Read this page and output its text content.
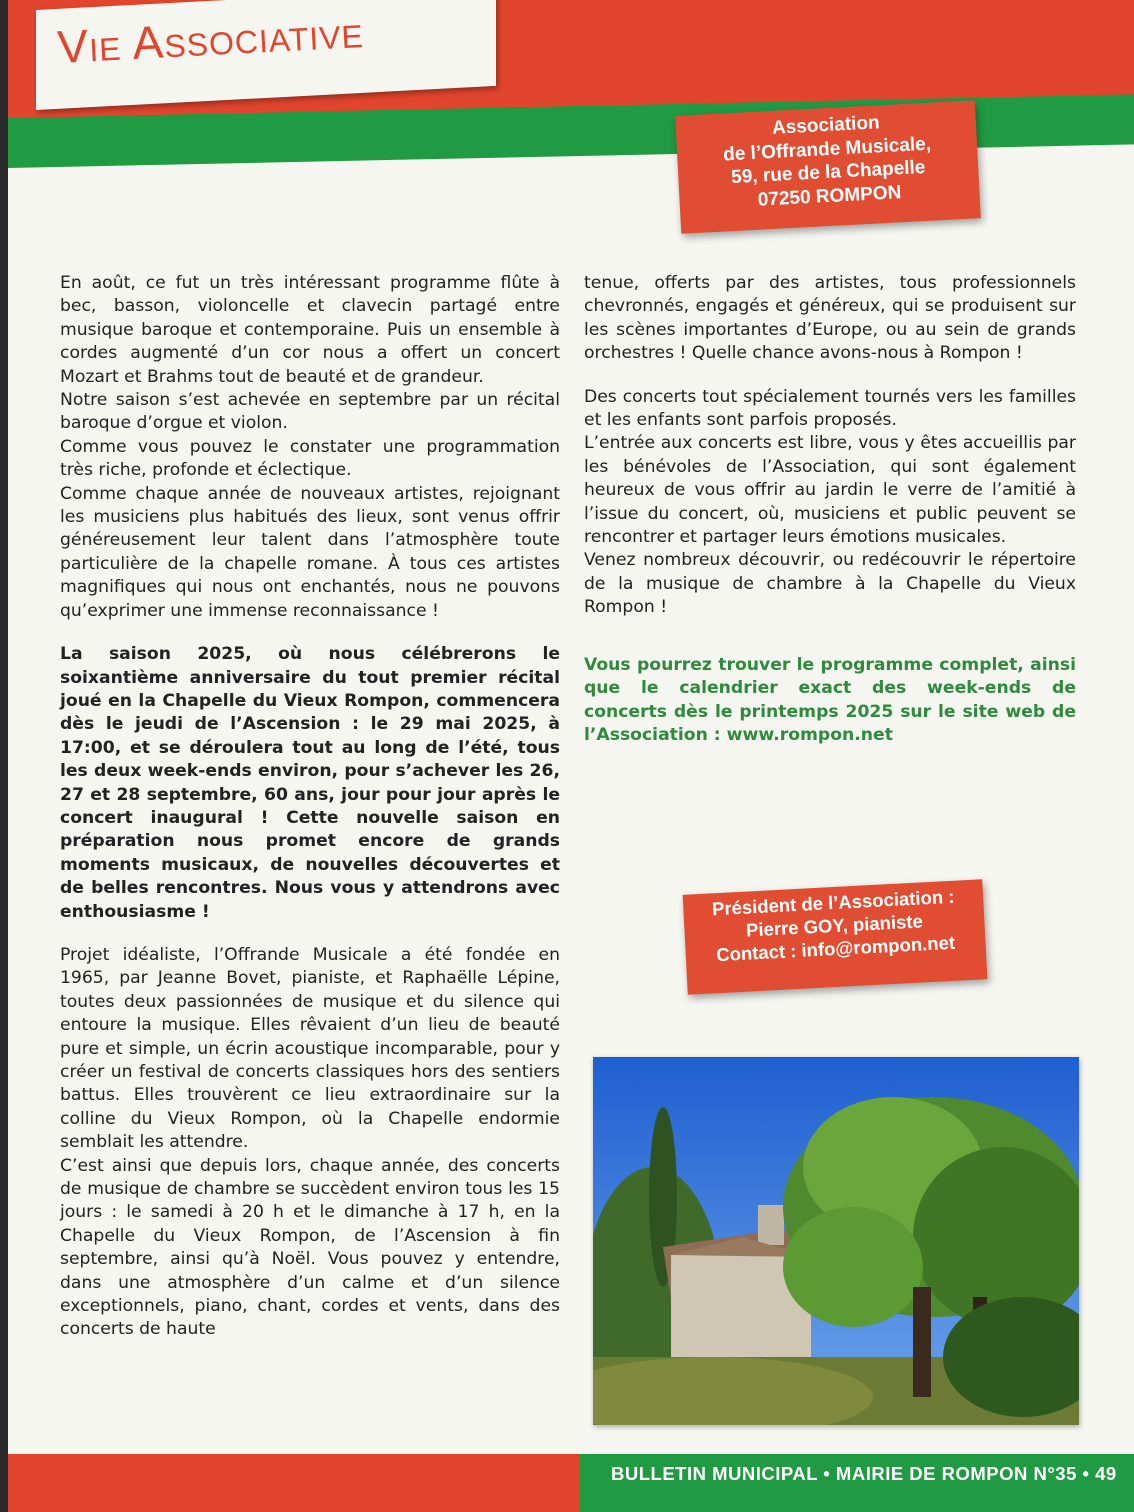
Vie Associative
Association
de l’Offrande Musicale,
59, rue de la Chapelle
07250 ROMPON

En août, ce fut un très intéressant programme flûte à bec, basson, violoncelle et clavecin partagé entre musique baroque et contemporaine. Puis un ensemble à cordes augmenté d’un cor nous a offert un concert Mozart et Brahms tout de beauté et de grandeur.

Notre saison s’est achevée en septembre par un récital baroque d’orgue et violon.

Comme vous pouvez le constater une programmation très riche, profonde et éclectique.

Comme chaque année de nouveaux artistes, rejoignant les musiciens plus habitués des lieux, sont venus offrir généreusement leur talent dans l’atmosphère toute particulière de la chapelle romane. À tous ces artistes magnifiques qui nous ont enchantés, nous ne pouvons qu’exprimer une immense reconnaissance !

La saison 2025, où nous célébrerons le soixantième anniversaire du tout premier récital joué en la Chapelle du Vieux Rompon, commencera dès le jeudi de l’Ascension : le 29 mai 2025, à 17:00, et se déroulera tout au long de l’été, tous les deux week-ends environ, pour s’achever les 26, 27 et 28 septembre, 60 ans, jour pour jour après le concert inaugural ! Cette nouvelle saison en préparation nous promet encore de grands moments musicaux, de nouvelles découvertes et de belles rencontres. Nous vous y attendrons avec enthousiasme !

Projet idéaliste, l’Offrande Musicale a été fondée en 1965, par Jeanne Bovet, pianiste, et Raphaëlle Lépine, toutes deux passionnées de musique et du silence qui entoure la musique. Elles rêvaient d’un lieu de beauté pure et simple, un écrin acoustique incomparable, pour y créer un festival de concerts classiques hors des sentiers battus. Elles trouvèrent ce lieu extraordinaire sur la colline du Vieux Rompon, où la Chapelle endormie semblait les attendre.

C’est ainsi que depuis lors, chaque année, des concerts de musique de chambre se succèdent environ tous les 15 jours : le samedi à 20 h et le dimanche à 17 h, en la Chapelle du Vieux Rompon, de l’Ascension à fin septembre, ainsi qu’à Noël. Vous pouvez y entendre, dans une atmosphère d’un calme et d’un silence exceptionnels, piano, chant, cordes et vents, dans des concerts de haute

tenue, offerts par des artistes, tous professionnels chevronnés, engagés et généreux, qui se produisent sur les scènes importantes d’Europe, ou au sein de grands orchestres ! Quelle chance avons-nous à Rompon !

Des concerts tout spécialement tournés vers les familles et les enfants sont parfois proposés.

L’entrée aux concerts est libre, vous y êtes accueillis par les bénévoles de l’Association, qui sont également heureux de vous offrir au jardin le verre de l’amitié à l’issue du concert, où, musiciens et public peuvent se rencontrer et partager leurs émotions musicales.

Venez nombreux découvrir, ou redécouvrir le répertoire de la musique de chambre à la Chapelle du Vieux Rompon !

Vous pourrez trouver le programme complet, ainsi que le calendrier exact des week-ends de concerts dès le printemps 2025 sur le site web de l’Association : www.rompon.net

Président de l’Association :
Pierre GOY, pianiste
Contact : info@rompon.net
BULLETIN MUNICIPAL • MAIRIE DE ROMPON N°35 • 49
